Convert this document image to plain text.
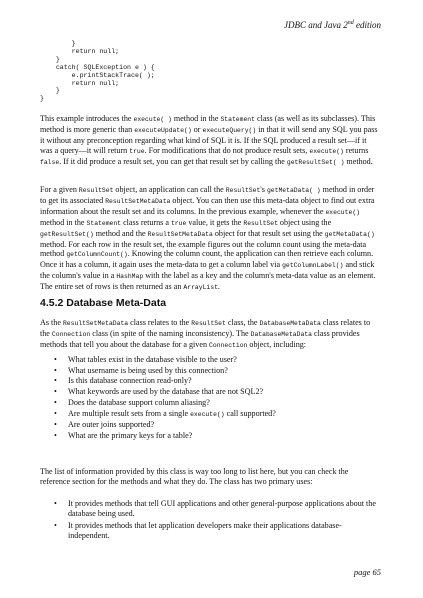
JDBC and Java 2nd edition
}
return null;
}
catch( SQLException e ) {
e.printStackTrace( );
return null;
}
}
This example introduces the execute( ) method in the Statement class (as well as its subclasses). This method is more generic than executeUpdate() or executeQuery() in that it will send any SQL you pass it without any preconception regarding what kind of SQL it is. If the SQL produced a result set—if it was a query—it will return true. For modifications that do not produce result sets, execute() returns false. If it did produce a result set, you can get that result set by calling the getResultSet( ) method.
For a given ResultSet object, an application can call the ResultSet's getMetaData( ) method in order to get its associated ResultSetMetaData object. You can then use this meta-data object to find out extra information about the result set and its columns. In the previous example, whenever the execute() method in the Statement class returns a true value, it gets the ResultSet object using the getResultSet() method and the ResultSetMetaData object for that result set using the getMetaData() method. For each row in the result set, the example figures out the column count using the meta-data method getColumnCount(). Knowing the column count, the application can then retrieve each column. Once it has a column, it again uses the meta-data to get a column label via getColumnLabel() and stick the column's value in a HashMap with the label as a key and the column's meta-data value as an element. The entire set of rows is then returned as an ArrayList.
4.5.2 Database Meta-Data
As the ResultSetMetaData class relates to the ResultSet class, the DatabaseMetaData class relates to the Connection class (in spite of the naming inconsistency). The DatabaseMetaData class provides methods that tell you about the database for a given Connection object, including:
• What tables exist in the database visible to the user?
• What username is being used by this connection?
• Is this database connection read-only?
• What keywords are used by the database that are not SQL2?
• Does the database support column aliasing?
• Are multiple result sets from a single execute() call supported?
• Are outer joins supported?
• What are the primary keys for a table?
The list of information provided by this class is way too long to list here, but you can check the reference section for the methods and what they do. The class has two primary uses:
• It provides methods that tell GUI applications and other general-purpose applications about the database being used.
• It provides methods that let application developers make their applications database-independent.
page 65
